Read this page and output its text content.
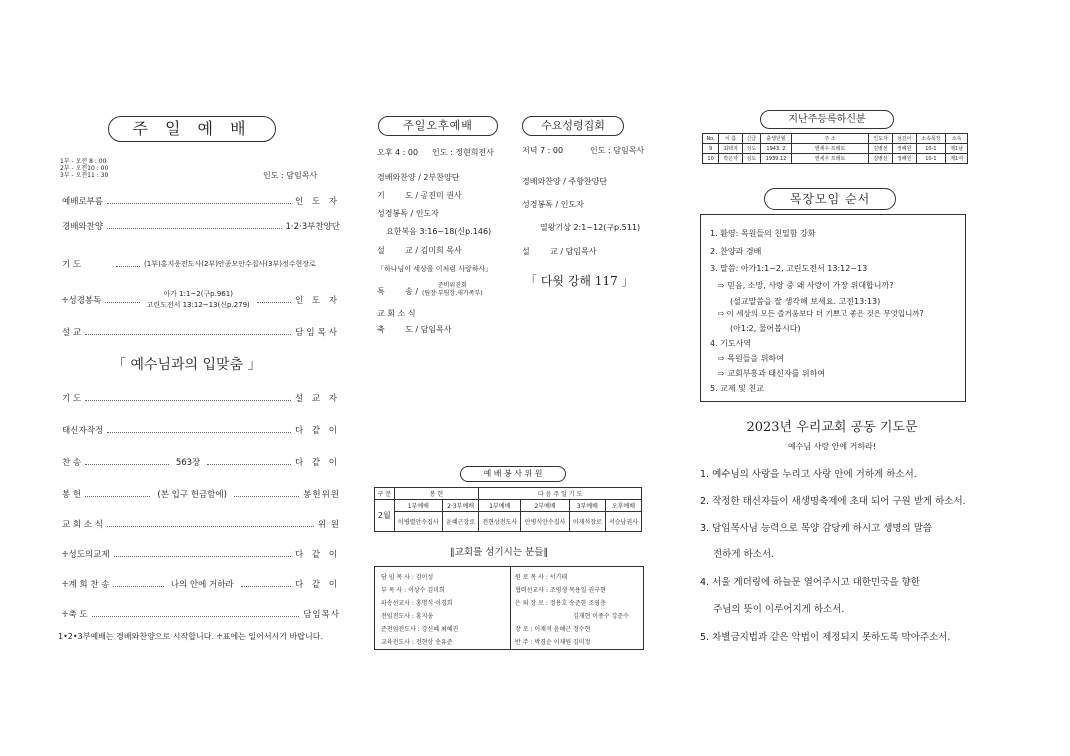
주 일 예 배
1부 - 오전 8 : 00
2부 - 오전10 : 00
3부 - 오전11 : 30	인도 : 담임목사
예배로부름	인 도 자
경배와찬양	1·2·3부찬양단
기 도	(1부)홍지웅전도사(2부)안종모안수집사(3부)정수현장로
♱성경봉독
아가 1:1~2(구p.961)
고린도전서 13:12~13(신p.279)	인 도 자
설 교	담임목사
「 예수님과의 입맞춤 」
기 도	설 교 자
태신자작정	다 같 이
찬 송	563장	다 같 이
봉 헌	(본 입구 헌금함에)	봉헌위원
교 회 소 식	위 원
♱성도의교제	다 같 이
♱계 희 찬 송	나의 안에 거하라	다 같 이
♱축 도	담임목사
1•2•3부예배는 경배와찬양으로 시작합니다. ♱표에는 일어서시기 바랍니다.
주일오후예배
오후 4 : 00 인도 : 정현희전사
경배와찬양 / 2부찬양단
기        도 / 공진미 권사
성경봉독 / 인도자
요한복음 3:16~18(신p.146)
설        교 / 김미희 목사
「하나님이 세상을 이처럼 사랑하사」
특        송 /
준비위진회
(팀장·부팀장,새가족부)
교 회 소 식
축        도 / 담임목사
수요성령집회
저녁 7 : 00	인도 : 담임목사
경배와찬양 / 주향찬양단
성경봉독 / 인도자
열왕기상 2:1~12(구p.511)
설        교 / 담임목사
「 다윗 강해 117 」
예 배 봉 사 위 원
구 분	봉 헌		다 음 주 일 기 도			
2월	1부예배	2·3부예배	1부예배	2부예배	3부예배	오후예배
	이병렬안수집사	윤혜근장로	전현상전도사	안병식안수집사	이재석장로	서승남권사
∥교회를 섬기시는 분들∥
담 임 목 사 : 김이성
부 목 사 : 이상수 김미희
파송선교사 : 홍명식·이경희
전임전도사 : 홍지웅
준전임전도사 : 강신혜 최혜진
교육전도사 : 전현상 송유준
원 로 목 사 : 서기태
협력선교사 : 조영생 목용일 권구현
은 퇴 장 로 : 정용호 송준한 조영층
김재현 이종수 강준수
장 로 : 이재석 윤혜근 정수현
반 주 : 박경순 이재원 김미정
지난주등록하신분
No.	이 름	신급	출생년월	주 소	인도자	섬김이	소속목장	소속
9	최택지	성도	1943. 2	엔세우 프레토	김병선	정혜원	10-1	제1남
10	박은자	성도	1939.12	엔세우 프레토	김병선	정혜원	10-1	제1여
목장모임 순서
1. 환영: 목원들의 친밀함 강화
2. 찬양과 경배
3. 말씀: 아가1:1~2, 고린도전서 13:12~13
⇨ 믿음, 소망, 사랑 중 왜 사랑이 가장 위대합니까?
(설교말씀을 잘 생각해 보세요. 고전13:13)
⇨ 이 세상의 모든 즐거움보다 더 기쁘고 좋은 것은 무엇입니까?
(아1:2, 물어봅시다)
4. 기도사역
⇨ 목원들을 위하여
⇨ 교회부흥과 태신자를 위하여
5. 교제 및 친교
2023년 우리교회 공동 기도문
예수님 사랑 안에 거하라!
1. 예수님의 사랑을 누리고 사랑 안에 거하게 하소서.
2. 작정한 태신자들이 새생명축제에 초대 되어 구원 받게 하소서.
3. 담임목사님 능력으로 목양 감당케 하시고 생명의 말씀
전하게 하소서.
4. 서울 게더링에 하늘문 열어주시고 대한민국을 향한
주님의 뜻이 이루어지게 하소서.
5. 차별금지법과 같은 악법이 제정되지 못하도록 막아주소서.
